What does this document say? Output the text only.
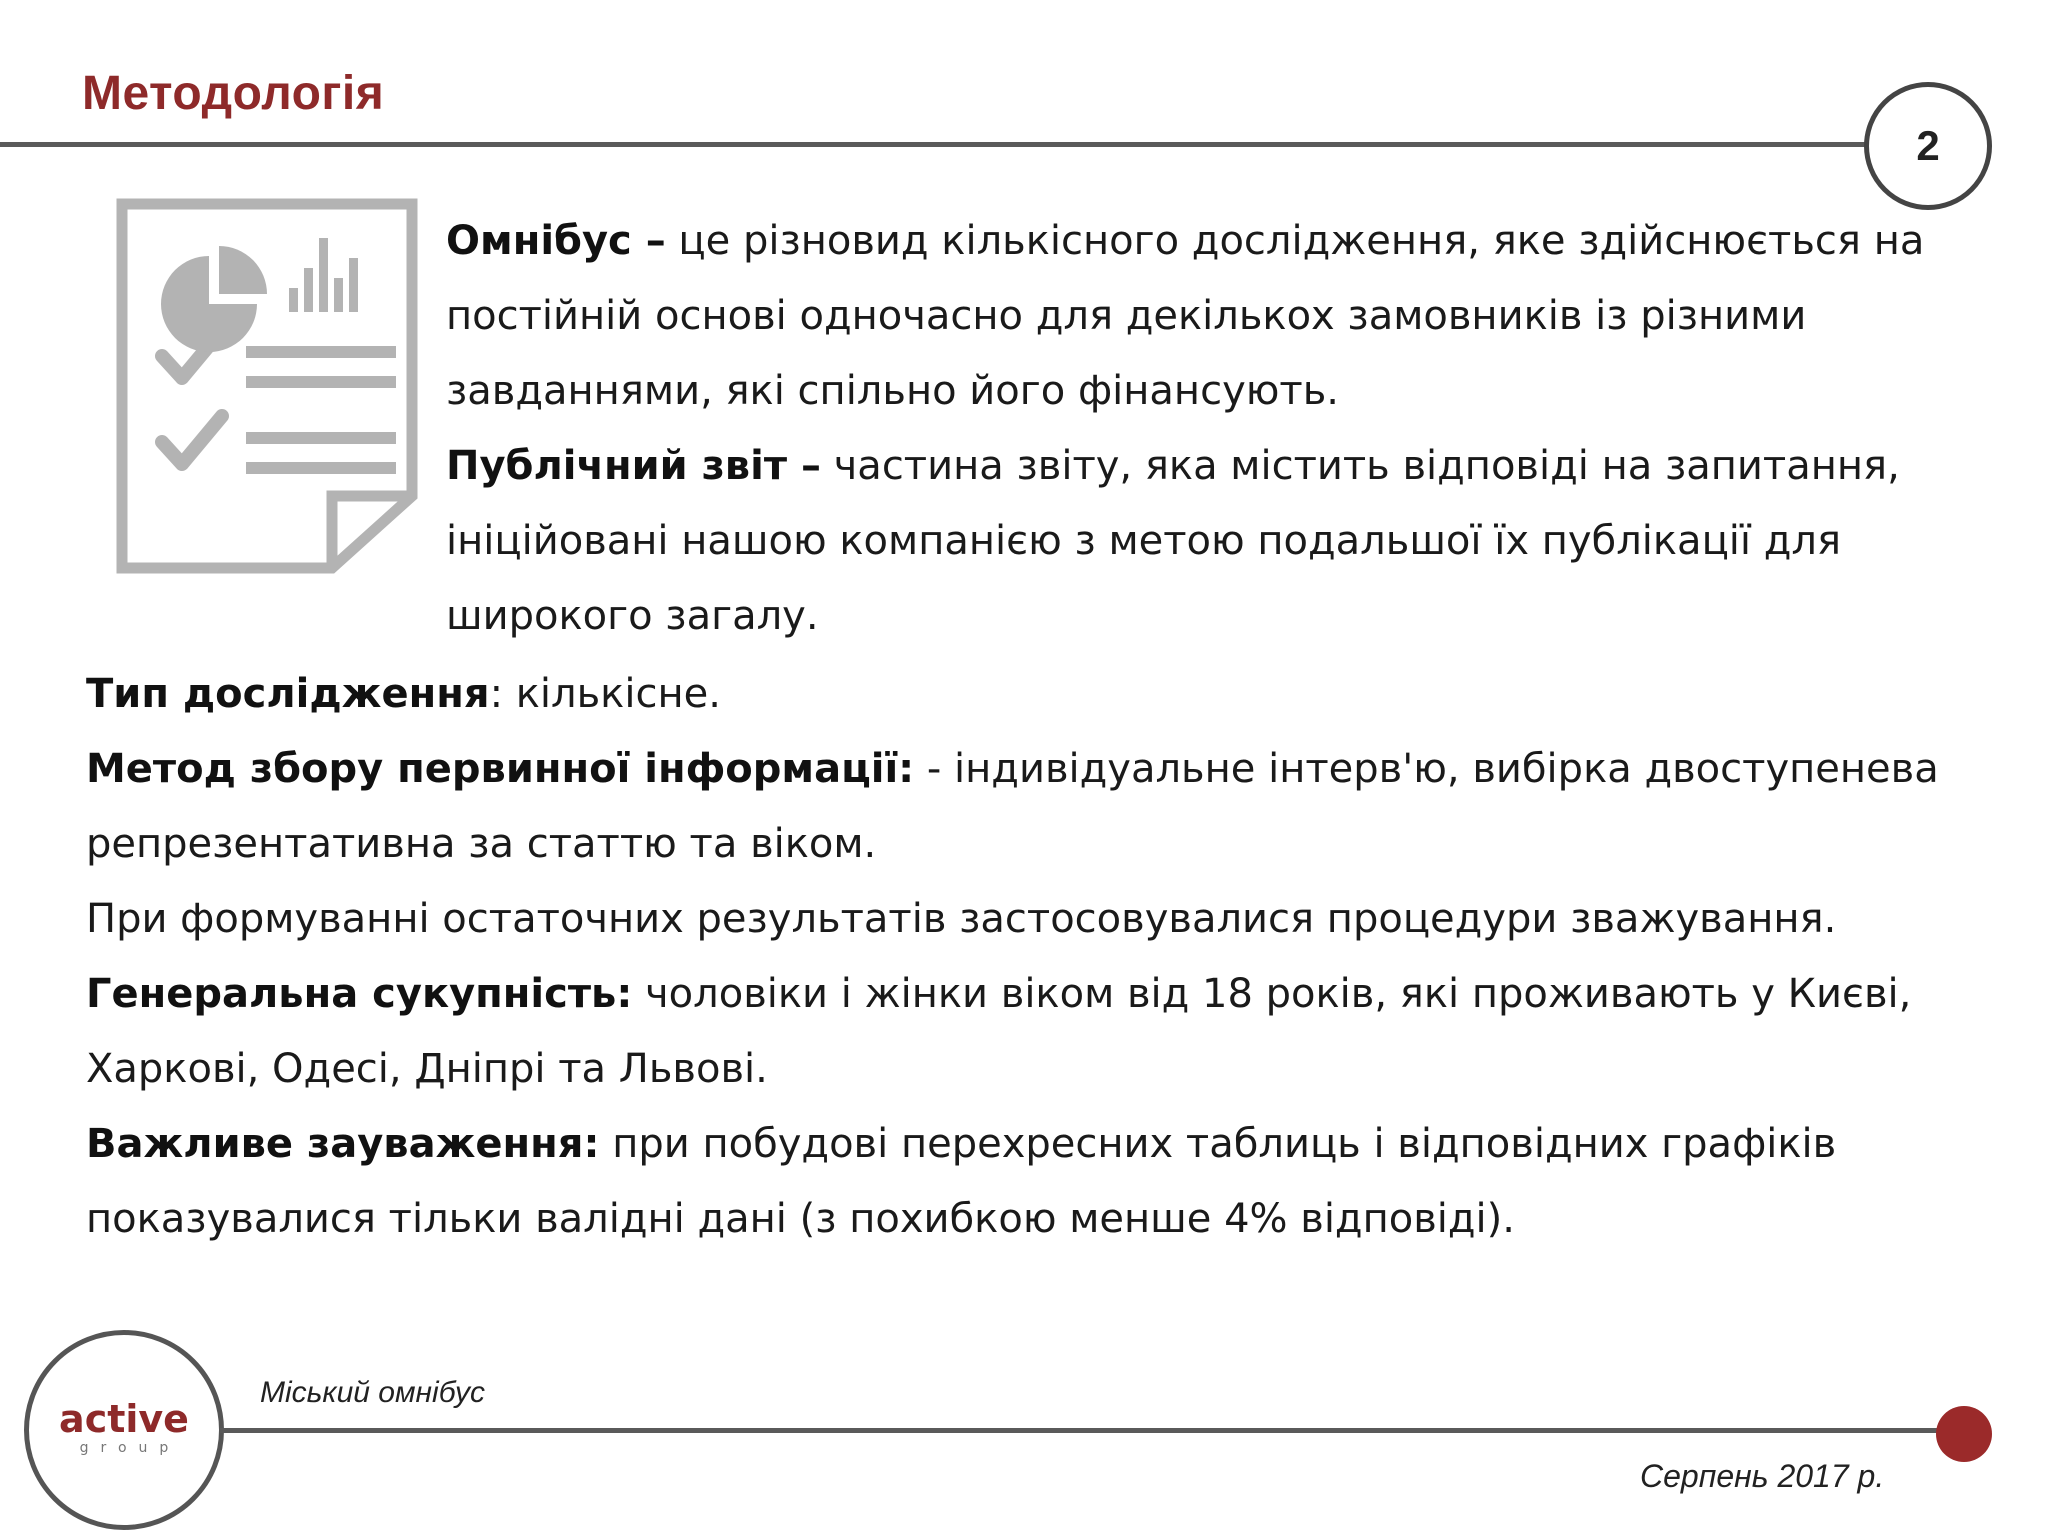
Методологія
2

Омнібус – це різновид кількісного дослідження, яке здійснюється на постійній основі одночасно для декількох замовників із різними завданнями, які спільно його фінансують.
Публічний звіт – частина звіту, яка містить відповіді на запитання, ініційовані нашою компанією з метою подальшої їх публікації для широкого загалу.

Тип дослідження: кількісне.
Метод збору первинної інформації: - індивідуальне інтерв'ю, вибірка двоступенева репрезентативна за статтю та віком.
При формуванні остаточних результатів застосовувалися процедури зважування.
Генеральна сукупність: чоловіки і жінки віком від 18 років, які проживають у Києві, Харкові, Одесі, Дніпрі та Львові.
Важливе зауваження: при побудові перехресних таблиць і відповідних графіків показувалися тільки валідні дані (з похибкою менше 4% відповіді).

active
group
Міський омнібус
Серпень 2017 р.
